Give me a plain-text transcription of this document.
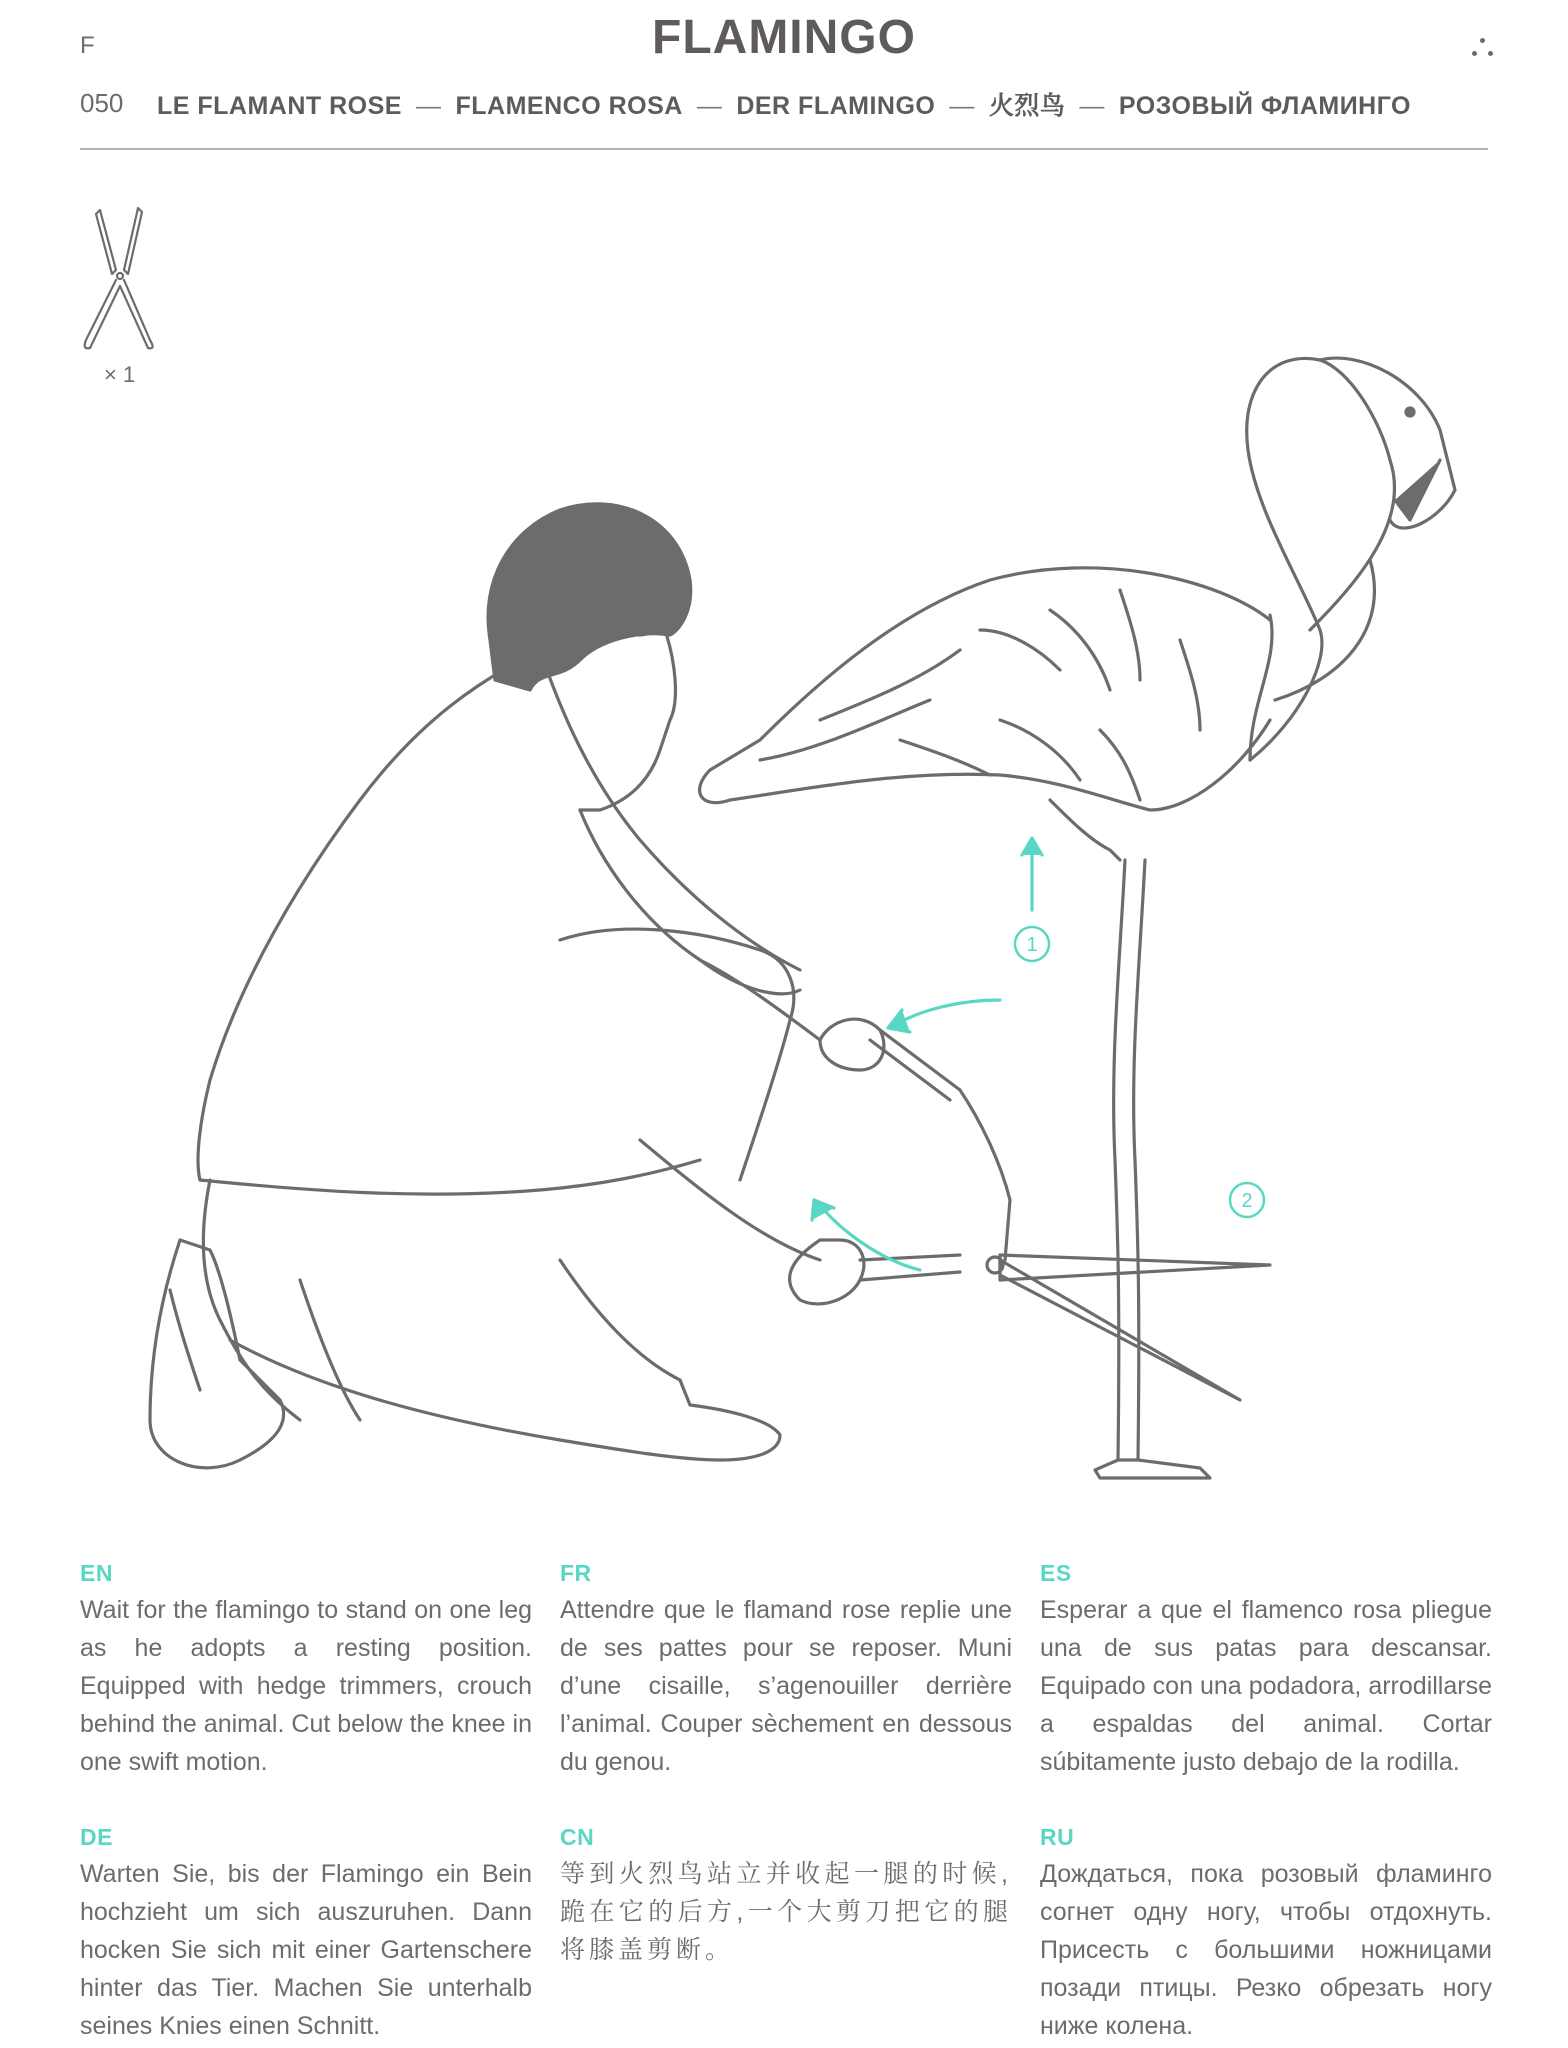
F
050
FLAMINGO
LE FLAMANT ROSE — FLAMENCO ROSA — DER FLAMINGO — 火烈鸟 — РОЗОВЫЙ ФЛАМИНГО
× 1
1
2
EN
Wait for the flamingo to stand on one leg as he adopts a resting position. Equipped with hedge trimmers, crouch behind the animal. Cut below the knee in one swift motion.
FR
Attendre que le flamand rose replie une de ses pattes pour se reposer. Muni d’une cisaille, s’agenouiller derrière l’animal. Couper sèchement en dessous du genou.
ES
Esperar a que el flamenco rosa pliegue una de sus patas para descansar. Equipado con una podadora, arrodillarse a espaldas del animal. Cortar súbitamente justo debajo de la rodilla.
DE
Warten Sie, bis der Flamingo ein Bein hochzieht um sich auszuruhen. Dann hocken Sie sich mit einer Gartenschere hinter das Tier. Machen Sie unterhalb seines Knies einen Schnitt.
CN
等到火烈鸟站立并收起一腿的时候,跪在它的后方,一个大剪刀把它的腿将膝盖剪断。
RU
Дождаться, пока розовый фламинго согнет одну ногу, чтобы отдохнуть. Присесть с большими ножницами позади птицы. Резко обрезать ногу ниже колена.
